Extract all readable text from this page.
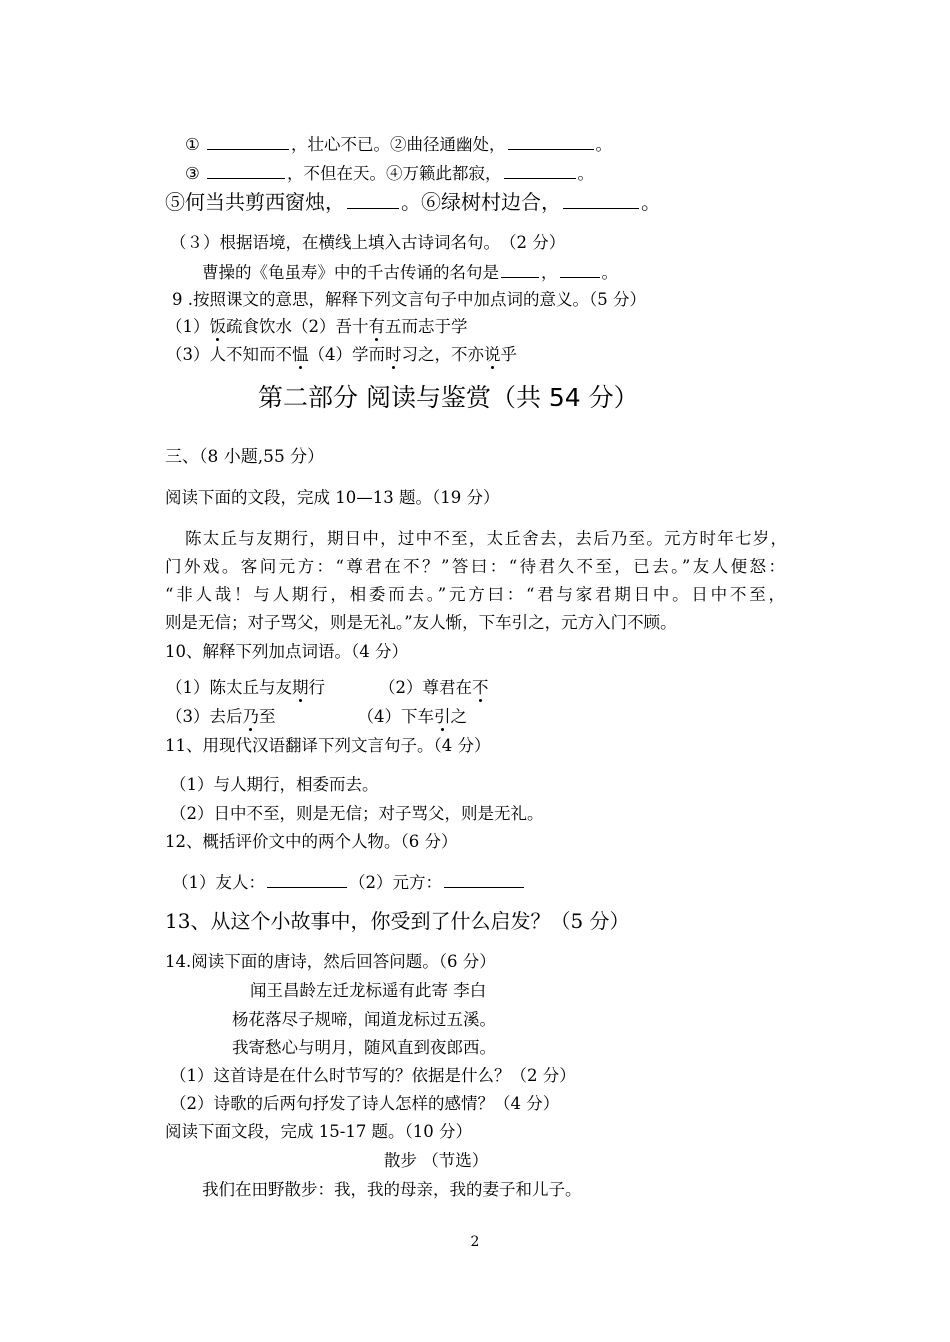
①	，壮心不已。②曲径通幽处，	。
③	，不但在天。④万籁此都寂，	。
⑤何当共剪西窗烛，	。⑥绿树村边合，	。
（３）根据语境，在横线上填入古诗词名句。　（2 分）
曹操的《龟虽寿》中的千古传诵的名句是	，	。
9 .按照课文的意思，解释下列文言句子中加点词的意义。（5 分）
（1）饭疏食饮水（2）吾十有五而志于学
（3）人不知而不愠（4）学而时习之，不亦说乎
第二部分 阅读与鉴赏（共 54 分）
三、（8 小题,55 分）
阅读下面的文段，完成 10—13 题。（19 分）
陈太丘与友期行，期日中，过中不至，太丘舍去，去后乃至。元方时年七岁，
门外戏。客问元方：“尊君在不？”答曰：“待君久不至，已去。”友人便怒：
“非人哉！与人期行，相委而去。”元方曰：“君与家君期日中。日中不至，
则是无信；对子骂父，则是无礼。”友人惭，下车引之，元方入门不顾。
10、解释下列加点词语。（4 分）
（1）陈太丘与友期行	（2）尊君在不
（3）去后乃至	（4）下车引之
11、用现代汉语翻译下列文言句子。（4 分）
（1）与人期行，相委而去。
（2）日中不至，则是无信；对子骂父，则是无礼。
12、概括评价文中的两个人物。（6 分）
（1）友人：	（2）元方：
13、从这个小故事中，你受到了什么启发？（5 分）
14.阅读下面的唐诗，然后回答问题。（6 分）
闻王昌龄左迁龙标遥有此寄 李白
杨花落尽子规啼，闻道龙标过五溪。
我寄愁心与明月，随风直到夜郎西。
（1）这首诗是在什么时节写的？依据是什么？（2 分）
（2）诗歌的后两句抒发了诗人怎样的感情？（4 分）
阅读下面文段，完成 15-17 题。（10 分）
散步 （节选）
我们在田野散步：我，我的母亲，我的妻子和儿子。
2
